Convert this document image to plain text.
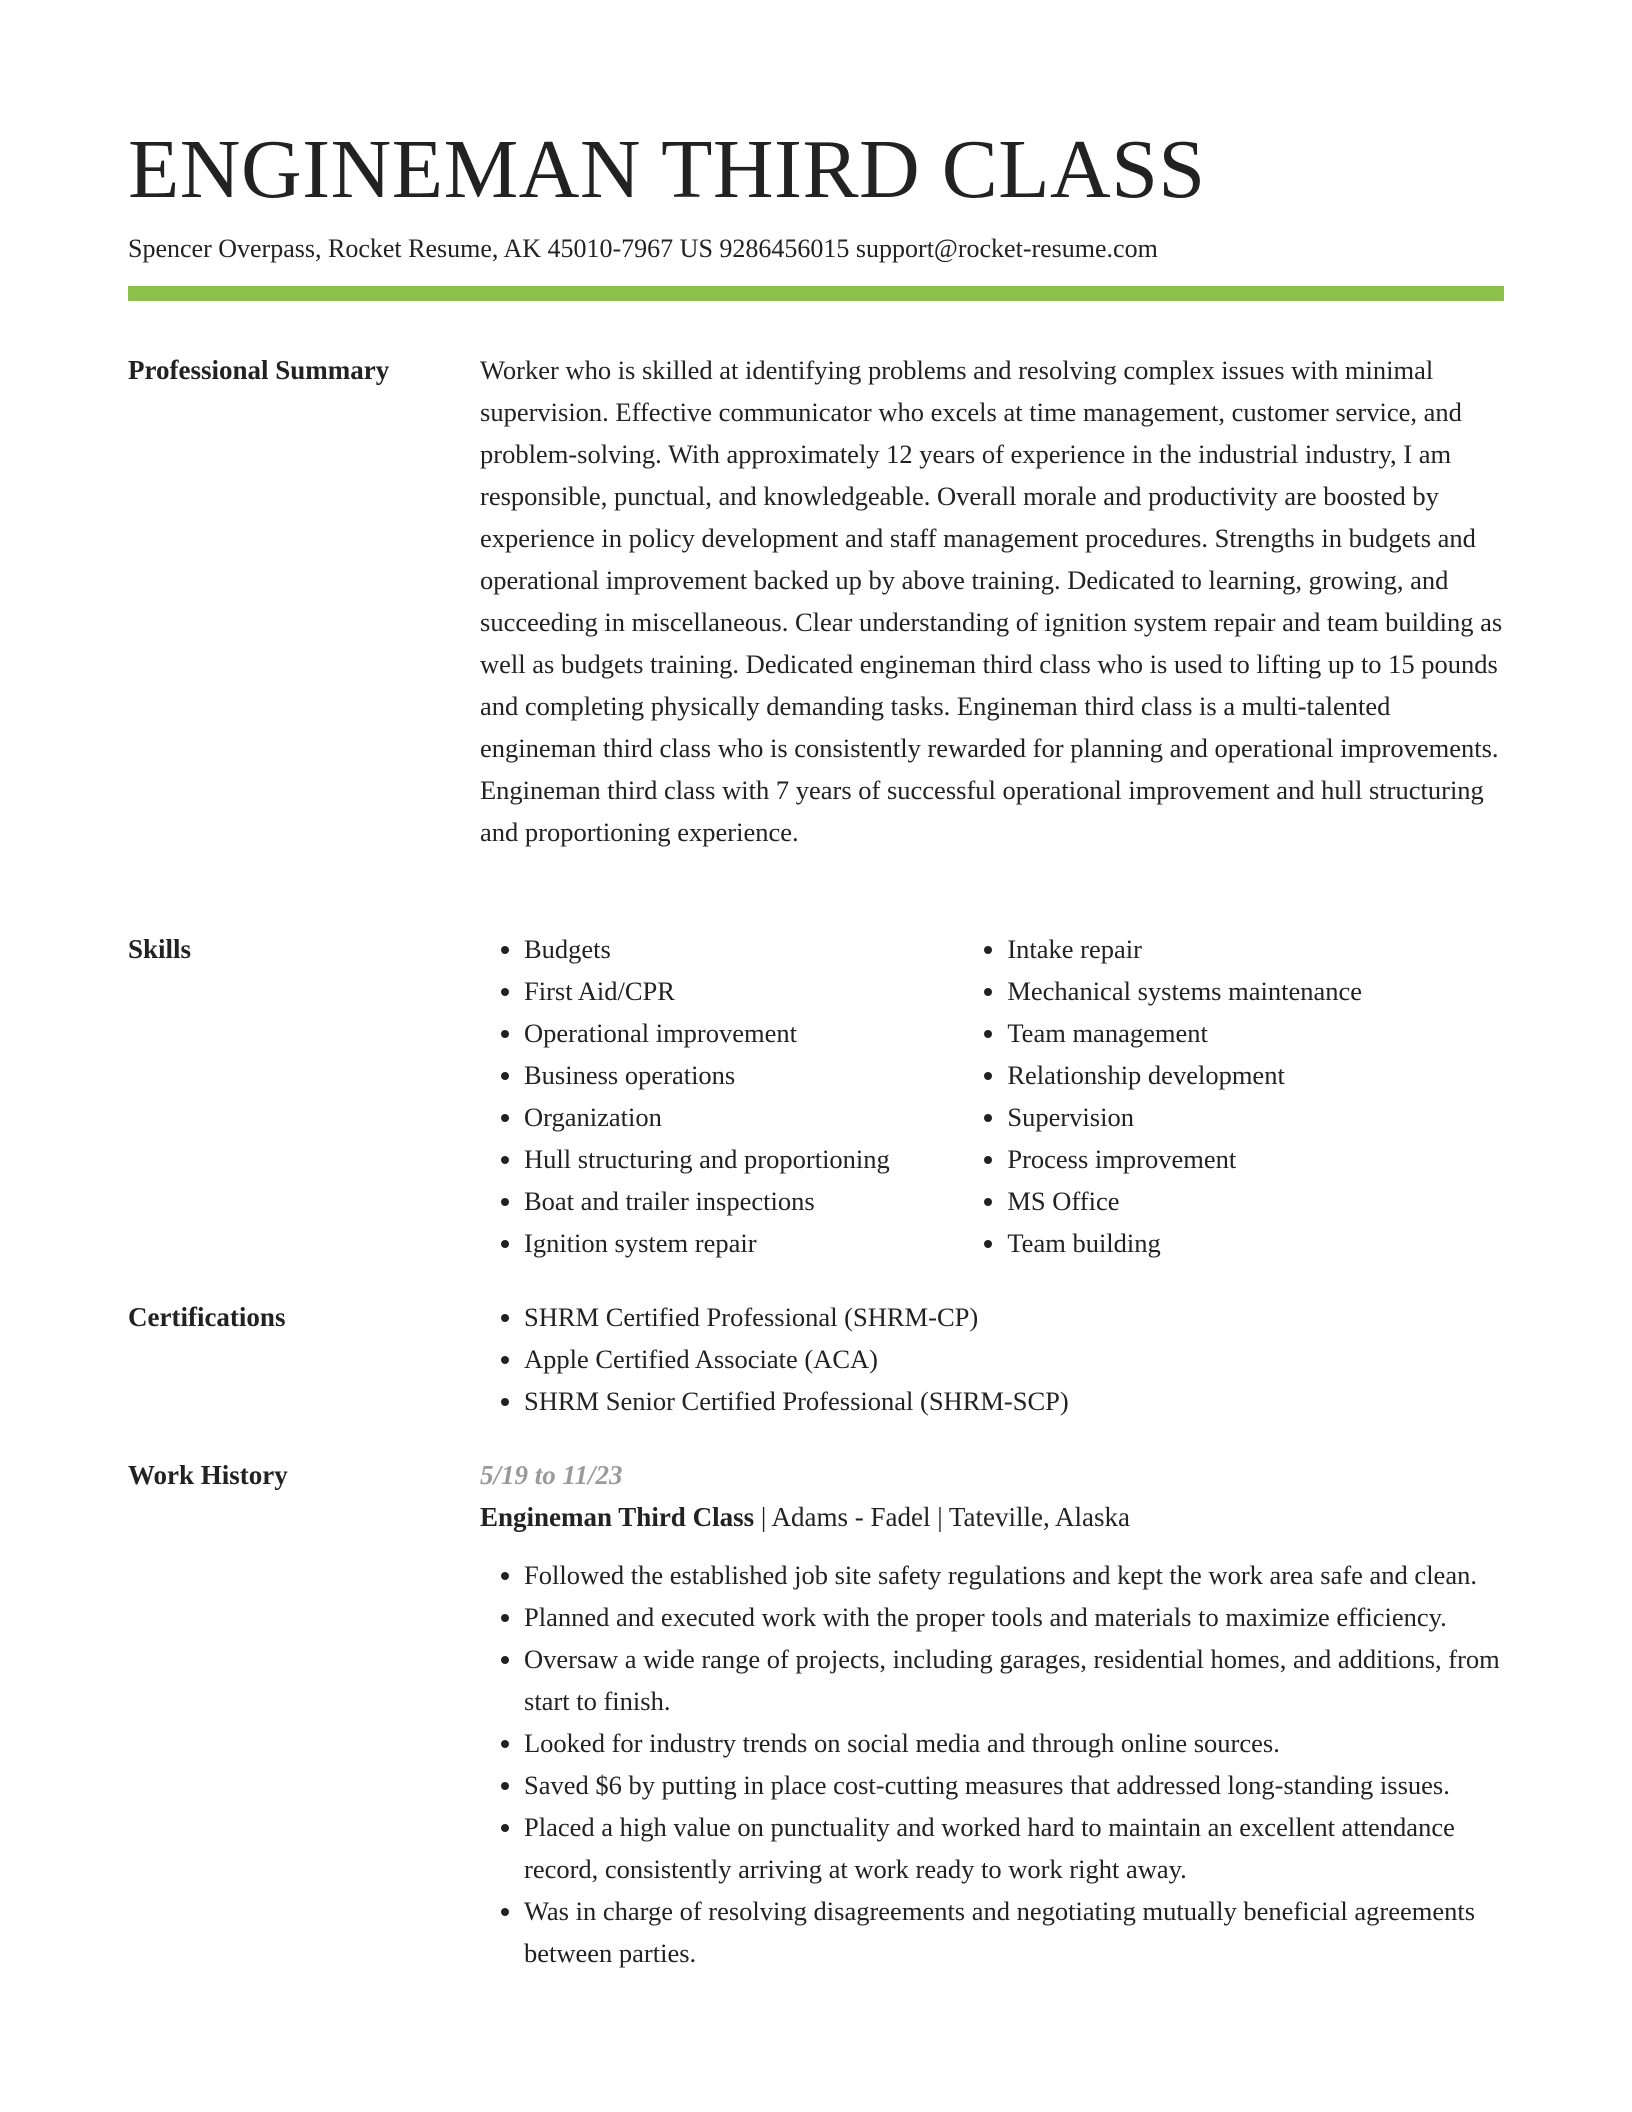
ENGINEMAN THIRD CLASS
Spencer Overpass, Rocket Resume, AK 45010-7967 US 9286456015 support@rocket-resume.com
Professional Summary	Worker who is skilled at identifying problems and resolving complex issues with minimal supervision. Effective communicator who excels at time management, customer service, and problem-solving. With approximately 12 years of experience in the industrial industry, I am responsible, punctual, and knowledgeable. Overall morale and productivity are boosted by experience in policy development and staff management procedures. Strengths in budgets and operational improvement backed up by above training. Dedicated to learning, growing, and succeeding in miscellaneous. Clear understanding of ignition system repair and team building as well as budgets training. Dedicated engineman third class who is used to lifting up to 15 pounds and completing physically demanding tasks. Engineman third class is a multi-talented engineman third class who is consistently rewarded for planning and operational improvements. Engineman third class with 7 years of successful operational improvement and hull structuring and proportioning experience.

Skills	• Budgets
• First Aid/CPR
• Operational improvement
• Business operations
• Organization
• Hull structuring and proportioning
• Boat and trailer inspections
• Ignition system repair
• Intake repair
• Mechanical systems maintenance
• Team management
• Relationship development
• Supervision
• Process improvement
• MS Office
• Team building
Certifications	• SHRM Certified Professional (SHRM-CP)
• Apple Certified Associate (ACA)
• SHRM Senior Certified Professional (SHRM-SCP)
Work History	5/19 to 11/23
Engineman Third Class | Adams - Fadel | Tateville, Alaska
• Followed the established job site safety regulations and kept the work area safe and clean.
• Planned and executed work with the proper tools and materials to maximize efficiency.
• Oversaw a wide range of projects, including garages, residential homes, and additions, from start to finish.
• Looked for industry trends on social media and through online sources.
• Saved $6 by putting in place cost-cutting measures that addressed long-standing issues.
• Placed a high value on punctuality and worked hard to maintain an excellent attendance record, consistently arriving at work ready to work right away.
• Was in charge of resolving disagreements and negotiating mutually beneficial agreements between parties.
